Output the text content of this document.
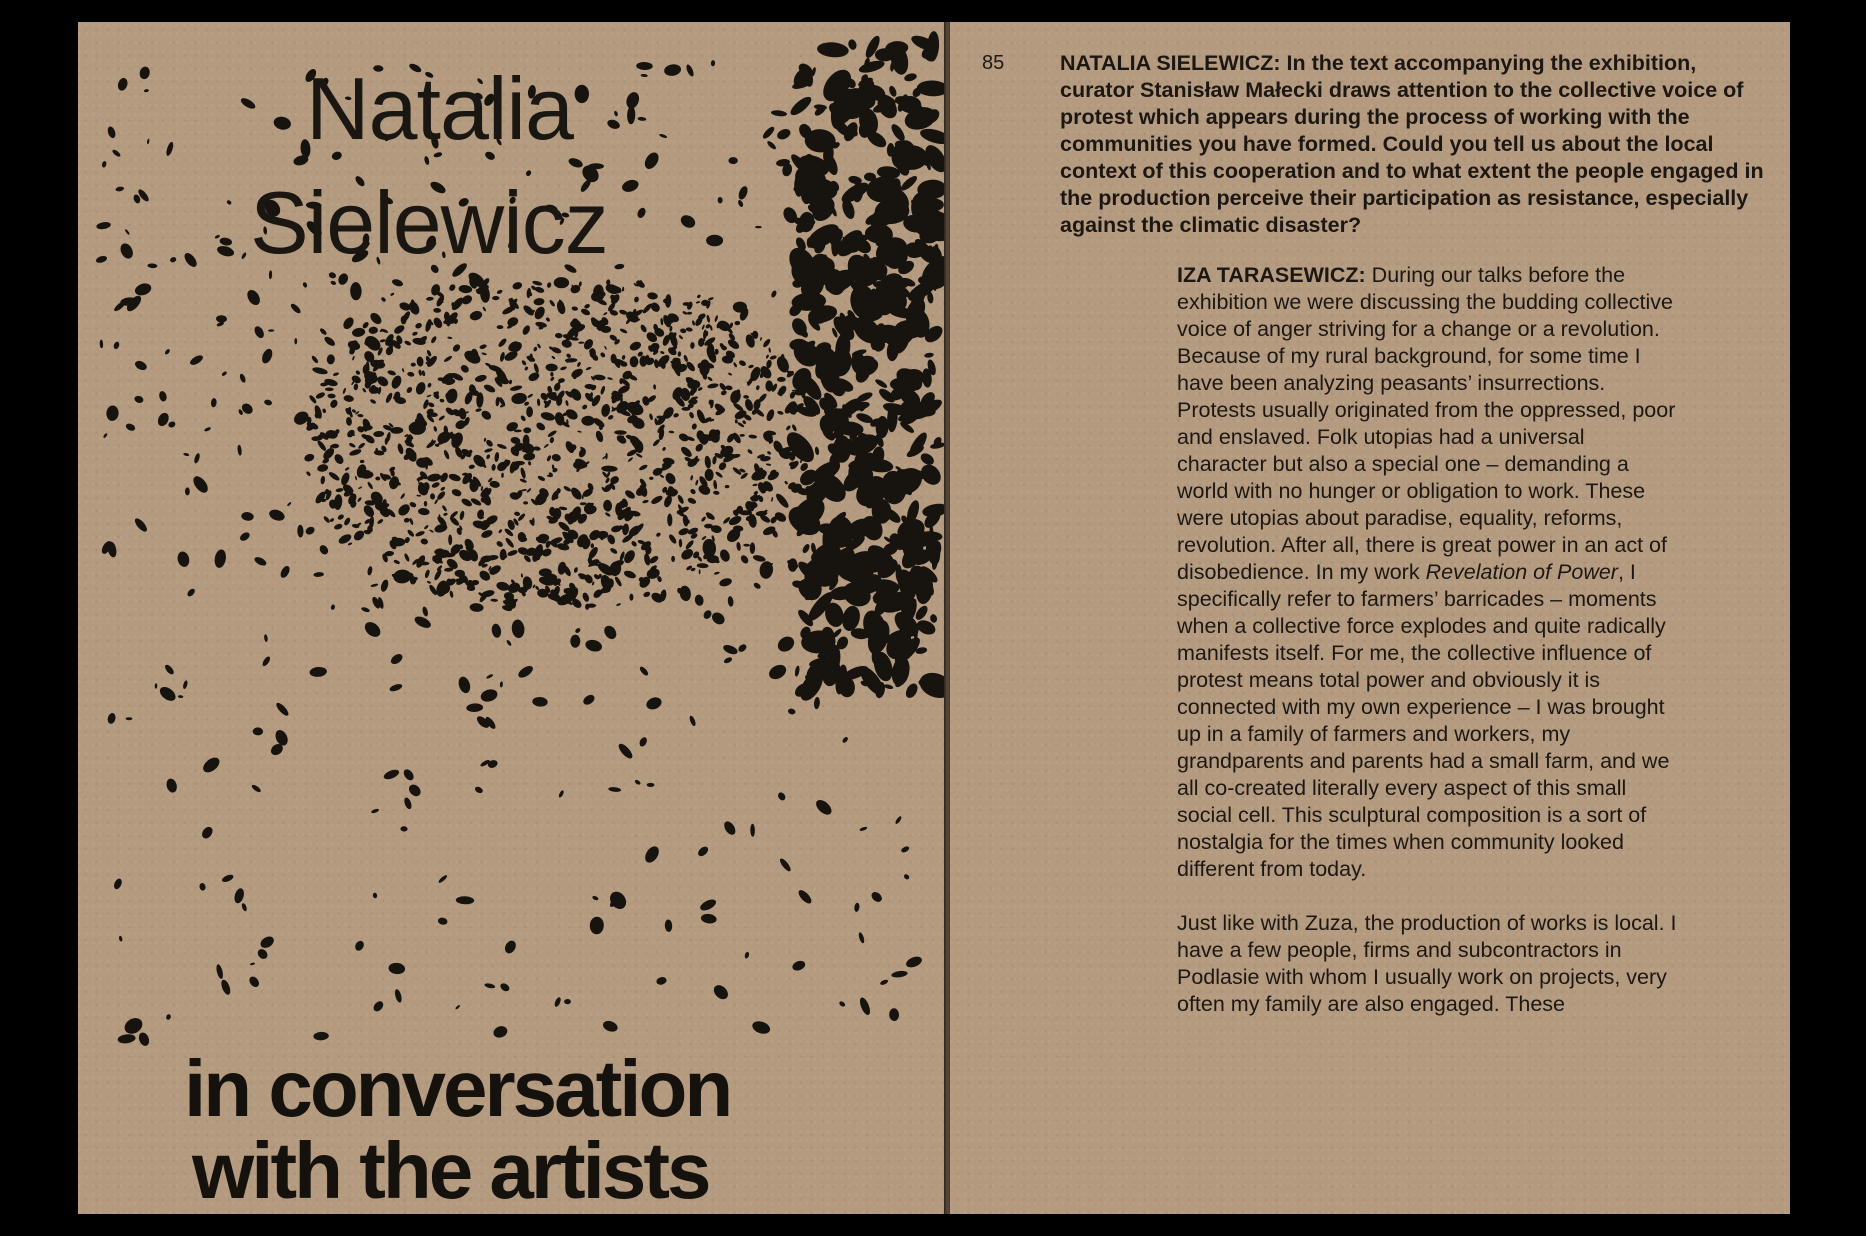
Natalia
Sielewicz
in conversation
with the artists
85	NATALIA SIELEWICZ: In the text accompanying the exhibition, curator Stanisław Małecki draws attention to the collective voice of protest which appears during the process of working with the communities you have formed. Could you tell us about the local context of this cooperation and to what extent the people engaged in the production perceive their participation as resistance, especially against the climatic disaster?

IZA TARASEWICZ: During our talks before the exhibition we were discussing the budding collective voice of anger striving for a change or a revolution. Because of my rural background, for some time I have been analyzing peasants’ insurrections. Protests usually originated from the oppressed, poor and enslaved. Folk utopias had a universal character but also a special one – demanding a world with no hunger or obligation to work. These were utopias about paradise, equality, reforms, revolution. After all, there is great power in an act of disobedience. In my work Revelation of Power, I specifically refer to farmers’ barricades – moments when a collective force explodes and quite radically manifests itself. For me, the collective influence of protest means total power and obviously it is connected with my own experience – I was brought up in a family of farmers and workers, my grandparents and parents had a small farm, and we all co-created literally every aspect of this small social cell. This sculptural composition is a sort of nostalgia for the times when community looked different from today.

Just like with Zuza, the production of works is local. I have a few people, firms and subcontractors in Podlasie with whom I usually work on projects, very often my family are also engaged. These
